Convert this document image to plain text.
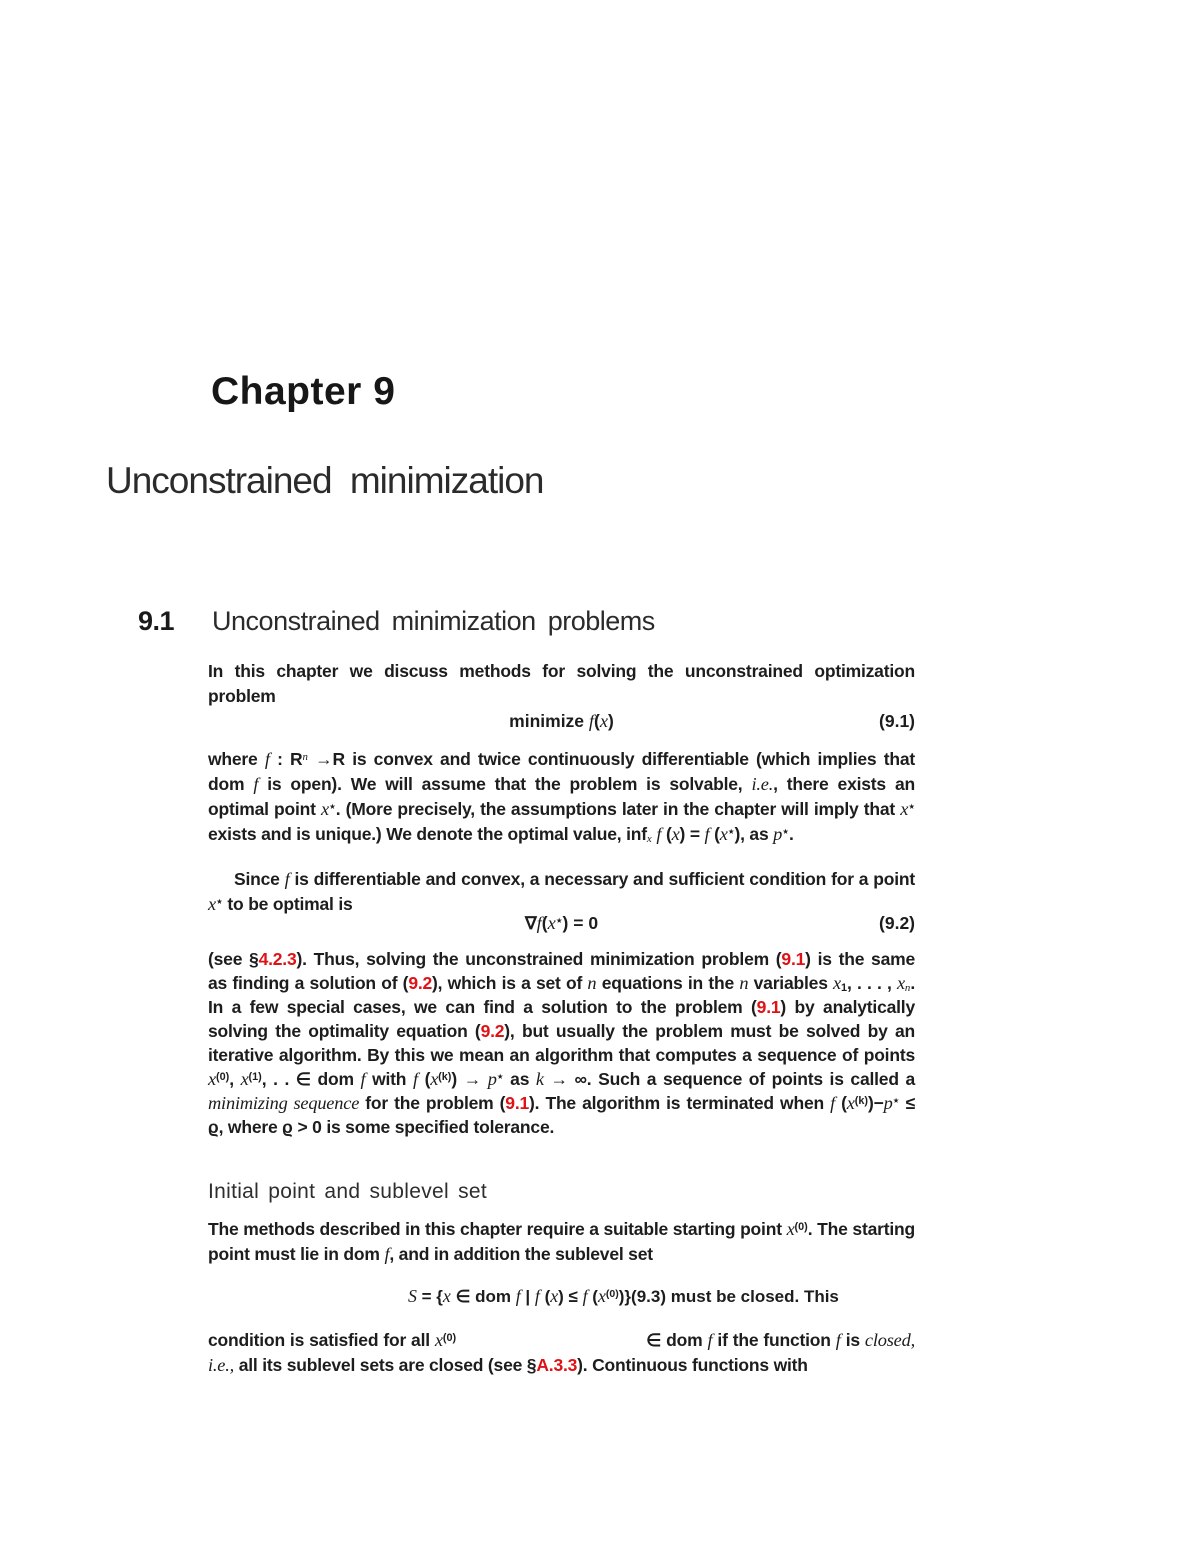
Chapter 9
Unconstrained minimization
9.1 Unconstrained minimization problems

In this chapter we discuss methods for solving the unconstrained optimization problem

minimize f(x)	(9.1)

where f : $R^n \to R$ is convex and twice continuously differentiable (which implies that dom f is open). We will assume that the problem is solvable, i.e., there exists an optimal point x⋆. (More precisely, the assumptions later in the chapter will imply that x⋆ exists and is unique.) We denote the optimal value, infx f (x) = f (x⋆), as p⋆.

Since f is differentiable and convex, a necessary and sufficient condition for a point x⋆ to be optimal is

∇f(x⋆) = 0	(9.2)

(see §4.2.3). Thus, solving the unconstrained minimization problem (9.1) is the same as finding a solution of (9.2), which is a set of n equations in the n variables x1, . . . , xn. In a few special cases, we can find a solution to the problem (9.1) by analytically solving the optimality equation (9.2), but usually the problem must be solved by an iterative algorithm. By this we mean an algorithm that computes a sequence of points $x^{(0)}$, $x^{(1)}$, . . ∈ dom f with f $(x^{(k)}) \to p^⋆$ as k → ∞. Such a sequence of points is called a minimizing sequence for the problem (9.1). The algorithm is terminated when f $(x^{(k)})-p^⋆ \le ϱ$, where ϱ > 0 is some specified tolerance.

Initial point and sublevel set

The methods described in this chapter require a suitable starting point $x^{(0)}$. The starting point must lie in dom f, and in addition the sublevel set

S = {x ∈ dom f | f (x) ≤ f $(x^{(0)})\}(9.3)$ must be closed. This

condition is satisfied for all $x^{(0)}$	∈ dom f if the function f is closed, i.e., all its sublevel sets are closed (see §A.3.3). Continuous functions with
